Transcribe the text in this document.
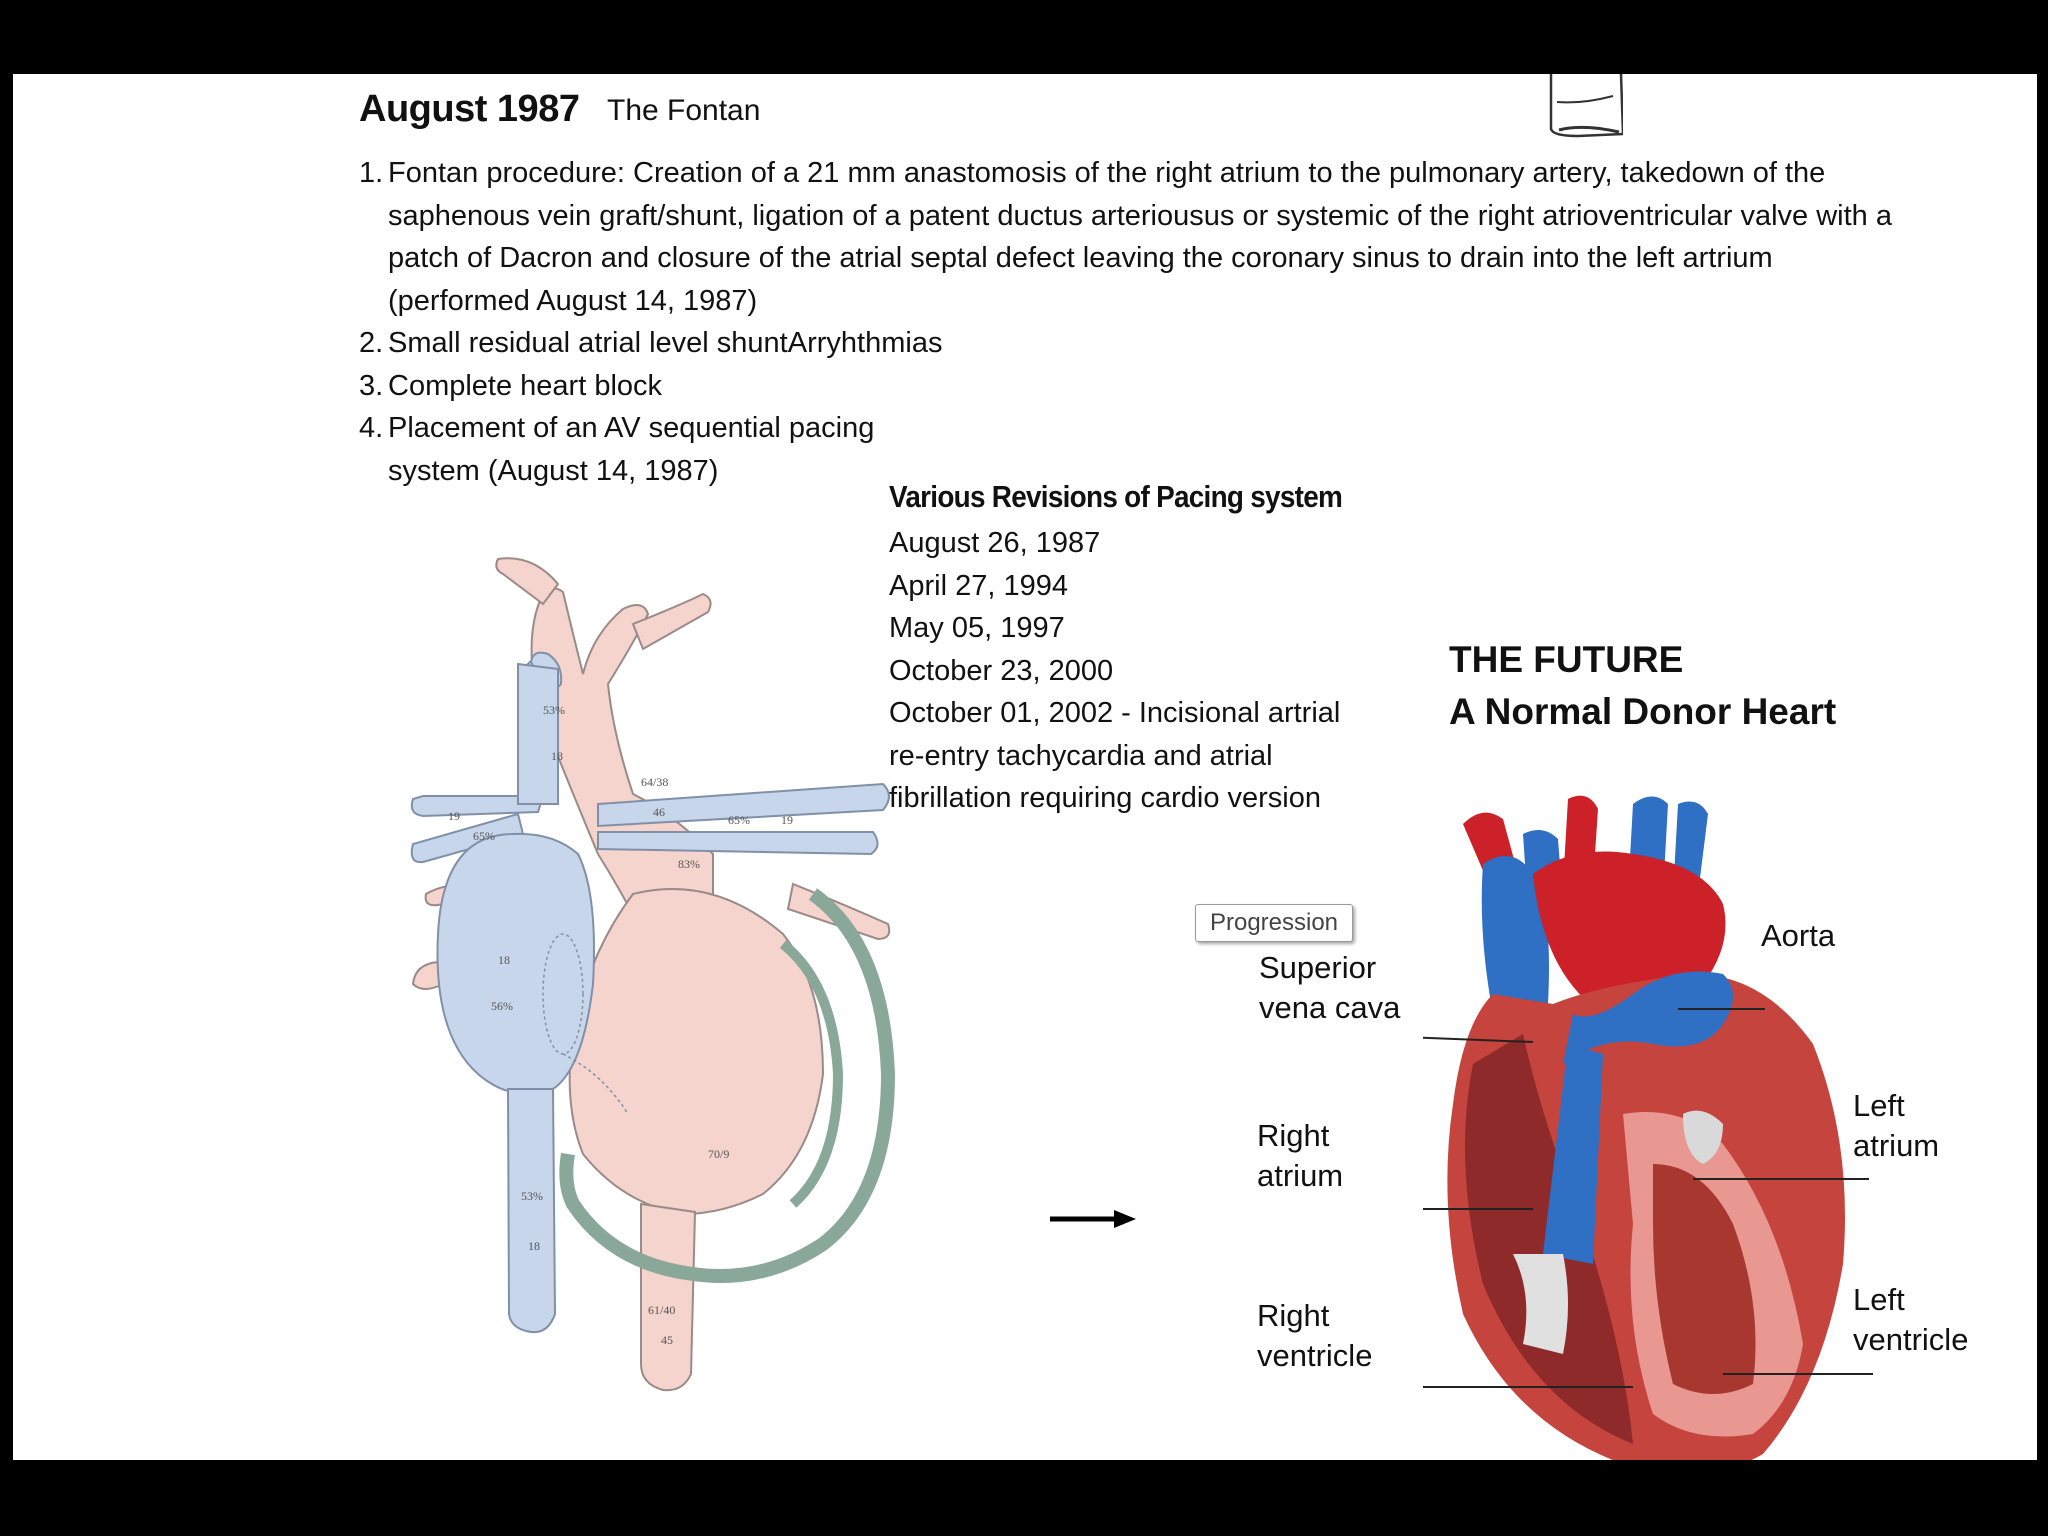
August 1987 The Fontan
1. Fontan procedure: Creation of a 21 mm anastomosis of the right atrium to the pulmonary artery, takedown of the saphenous vein graft/shunt, ligation of a patent ductus arteriousus or systemic of the right atrioventricular valve with a patch of Dacron and closure of the atrial septal defect leaving the coronary sinus to drain into the left artrium (performed August 14, 1987)
2. Small residual atrial level shuntArryhthmias
3. Complete heart block
4. Placement of an AV sequential pacing system (August 14, 1987)
Various Revisions of Pacing system
August 26, 1987
April 27, 1994
May 05, 1997
October 23, 2000
October 01, 2002 - Incisional artrial re-entry tachycardia and atrial fibrillation requiring cardio version
53%
18
19
65%
64/38
46
65%	19
83%
18
56%
70/9
53%
18
61/40
45
THE FUTURE
A Normal Donor Heart
Aorta
Superior
vena cava
Left
atrium
Right
atrium
Left
ventricle
Right
ventricle
Progression
